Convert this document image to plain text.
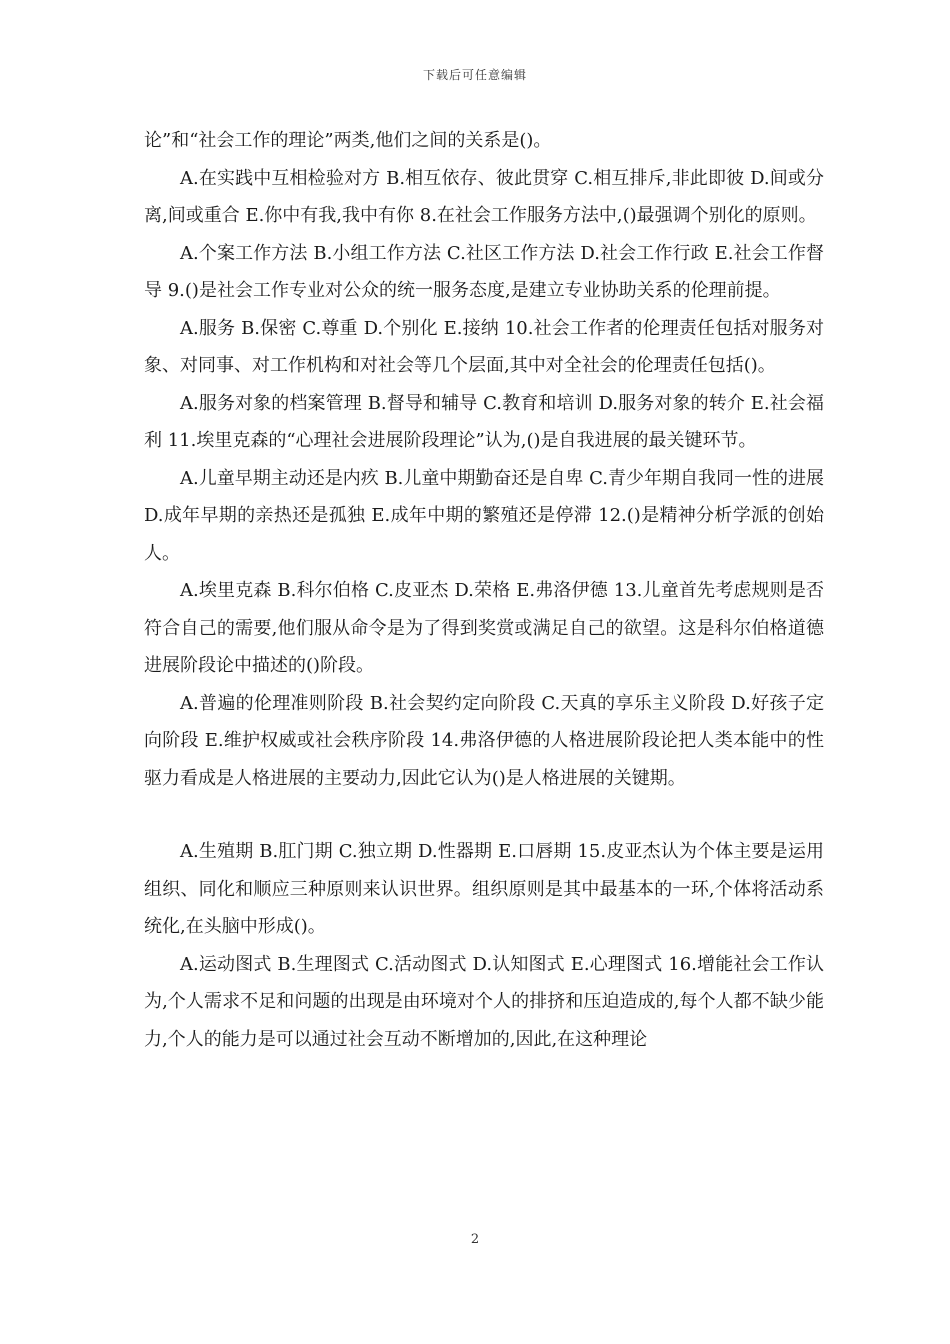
下载后可任意编辑

论”和“社会工作的理论”两类,他们之间的关系是()。

A.在实践中互相检验对方 B.相互依存、彼此贯穿 C.相互排斥,非此即彼 D.间或分离,间或重合 E.你中有我,我中有你 8.在社会工作服务方法中,()最强调个别化的原则。

A.个案工作方法 B.小组工作方法 C.社区工作方法 D.社会工作行政 E.社会工作督导 9.()是社会工作专业对公众的统一服务态度,是建立专业协助关系的伦理前提。

A.服务 B.保密 C.尊重 D.个别化 E.接纳 10.社会工作者的伦理责任包括对服务对象、对同事、对工作机构和对社会等几个层面,其中对全社会的伦理责任包括()。

A.服务对象的档案管理 B.督导和辅导 C.教育和培训 D.服务对象的转介 E.社会福利 11.埃里克森的“心理社会进展阶段理论”认为,()是自我进展的最关键环节。

A.儿童早期主动还是内疚 B.儿童中期勤奋还是自卑 C.青少年期自我同一性的进展 D.成年早期的亲热还是孤独 E.成年中期的繁殖还是停滞 12.()是精神分析学派的创始人。

A.埃里克森 B.科尔伯格 C.皮亚杰 D.荣格 E.弗洛伊德 13.儿童首先考虑规则是否符合自己的需要,他们服从命令是为了得到奖赏或满足自己的欲望。这是科尔伯格道德进展阶段论中描述的()阶段。

A.普遍的伦理准则阶段 B.社会契约定向阶段 C.天真的享乐主义阶段 D.好孩子定向阶段 E.维护权威或社会秩序阶段 14.弗洛伊德的人格进展阶段论把人类本能中的性驱力看成是人格进展的主要动力,因此它认为()是人格进展的关键期。

A.生殖期 B.肛门期 C.独立期 D.性器期 E.口唇期 15.皮亚杰认为个体主要是运用组织、同化和顺应三种原则来认识世界。组织原则是其中最基本的一环,个体将活动系统化,在头脑中形成()。

A.运动图式 B.生理图式 C.活动图式 D.认知图式 E.心理图式 16.增能社会工作认为,个人需求不足和问题的出现是由环境对个人的排挤和压迫造成的,每个人都不缺少能力,个人的能力是可以通过社会互动不断增加的,因此,在这种理论

2
